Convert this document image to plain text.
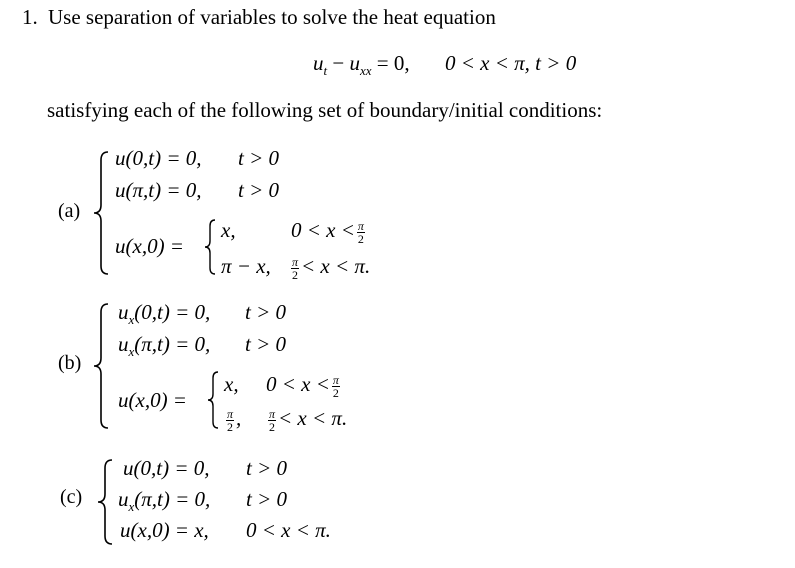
1. Use separation of variables to solve the heat equation
$u_t - u_{xx} = 0$, 0 < x < π, t > 0
satisfying each of the following set of boundary/initial conditions:
(a)
u(0,t) = 0, t > 0
u(π,t) = 0, t > 0
u(x,0) =
x,	$0 < x < \frac{\pi}{2}$
π − x, $\frac{\pi}{2} < x < \pi$.
(b)
$u_x(0,t) = 0$, t > 0
$u_x(\pi,t) = 0$, t > 0
u(x,0) =
x, $0 < x < \frac{\pi}{2}$
$\frac{\pi}{2}$ , $\frac{\pi}{2} < x < \pi$.
(c)
u(0,t) = 0, t > 0
$u_x(\pi,t) = 0$, t > 0
u(x,0) = x, 0 < x < π.
